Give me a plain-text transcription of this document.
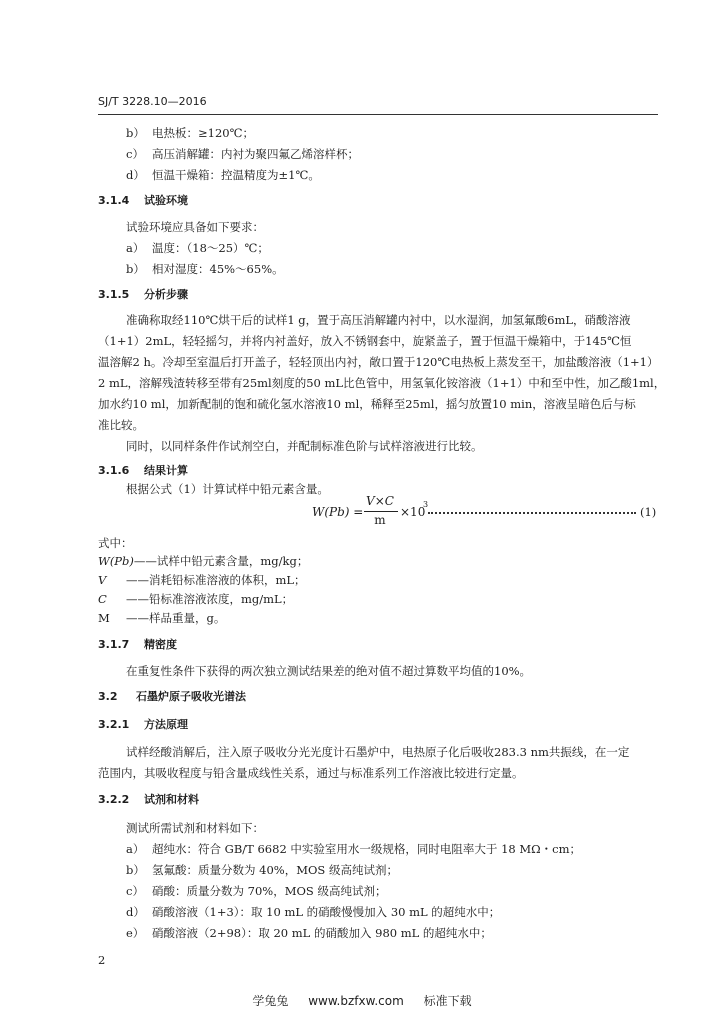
SJ/T 3228.10—2016
b） 电热板：≥120℃；
c） 高压消解罐：内衬为聚四氟乙烯溶样杯；
d） 恒温干燥箱：控温精度为±1℃。
3.1.4 试验环境
试验环境应具备如下要求：
a） 温度：（18～25）℃；
b） 相对湿度：45%～65%。
3.1.5 分析步骤
准确称取经110℃烘干后的试样1 g，置于高压消解罐内衬中，以水湿润，加氢氟酸6mL，硝酸溶液
（1+1）2mL，轻轻摇匀，并将内衬盖好，放入不锈钢套中，旋紧盖子，置于恒温干燥箱中，于145℃恒
温溶解2 h。冷却至室温后打开盖子，轻轻顶出内衬，敞口置于120℃电热板上蒸发至干，加盐酸溶液（1+1）
2 mL，溶解残渣转移至带有25ml刻度的50 mL比色管中，用氢氧化铵溶液（1+1）中和至中性，加乙酸1ml，
加水约10 ml，加新配制的饱和硫化氢水溶液10 ml，稀释至25ml，摇匀放置10 min，溶液呈暗色后与标
准比较。
同时，以同样条件作试剂空白，并配制标准色阶与试样溶液进行比较。
3.1.6 结果计算
根据公式（1）计算试样中铅元素含量。
W(Pb) =
V×C
m
×10
3
(1)
式中：
W(Pb)——试样中铅元素含量，mg/kg；
V ——消耗铅标准溶液的体积，mL；
C ——铅标准溶液浓度，mg/mL；
M ——样品重量，g。
3.1.7 精密度
在重复性条件下获得的两次独立测试结果差的绝对值不超过算数平均值的10%。
3.2 石墨炉原子吸收光谱法
3.2.1 方法原理
试样经酸消解后，注入原子吸收分光光度计石墨炉中，电热原子化后吸收283.3 nm共振线，在一定
范围内，其吸收程度与铅含量成线性关系，通过与标准系列工作溶液比较进行定量。
3.2.2 试剂和材料
测试所需试剂和材料如下：
a） 超纯水：符合 GB/T 6682 中实验室用水一级规格，同时电阻率大于 18 MΩ・cm；
b） 氢氟酸：质量分数为 40%，MOS 级高纯试剂；
c） 硝酸：质量分数为 70%，MOS 级高纯试剂；
d） 硝酸溶液（1+3）：取 10 mL 的硝酸慢慢加入 30 mL 的超纯水中；
e） 硝酸溶液（2+98）：取 20 mL 的硝酸加入 980 mL 的超纯水中；
2
学兔兔 www.bzfxw.com 标准下载
